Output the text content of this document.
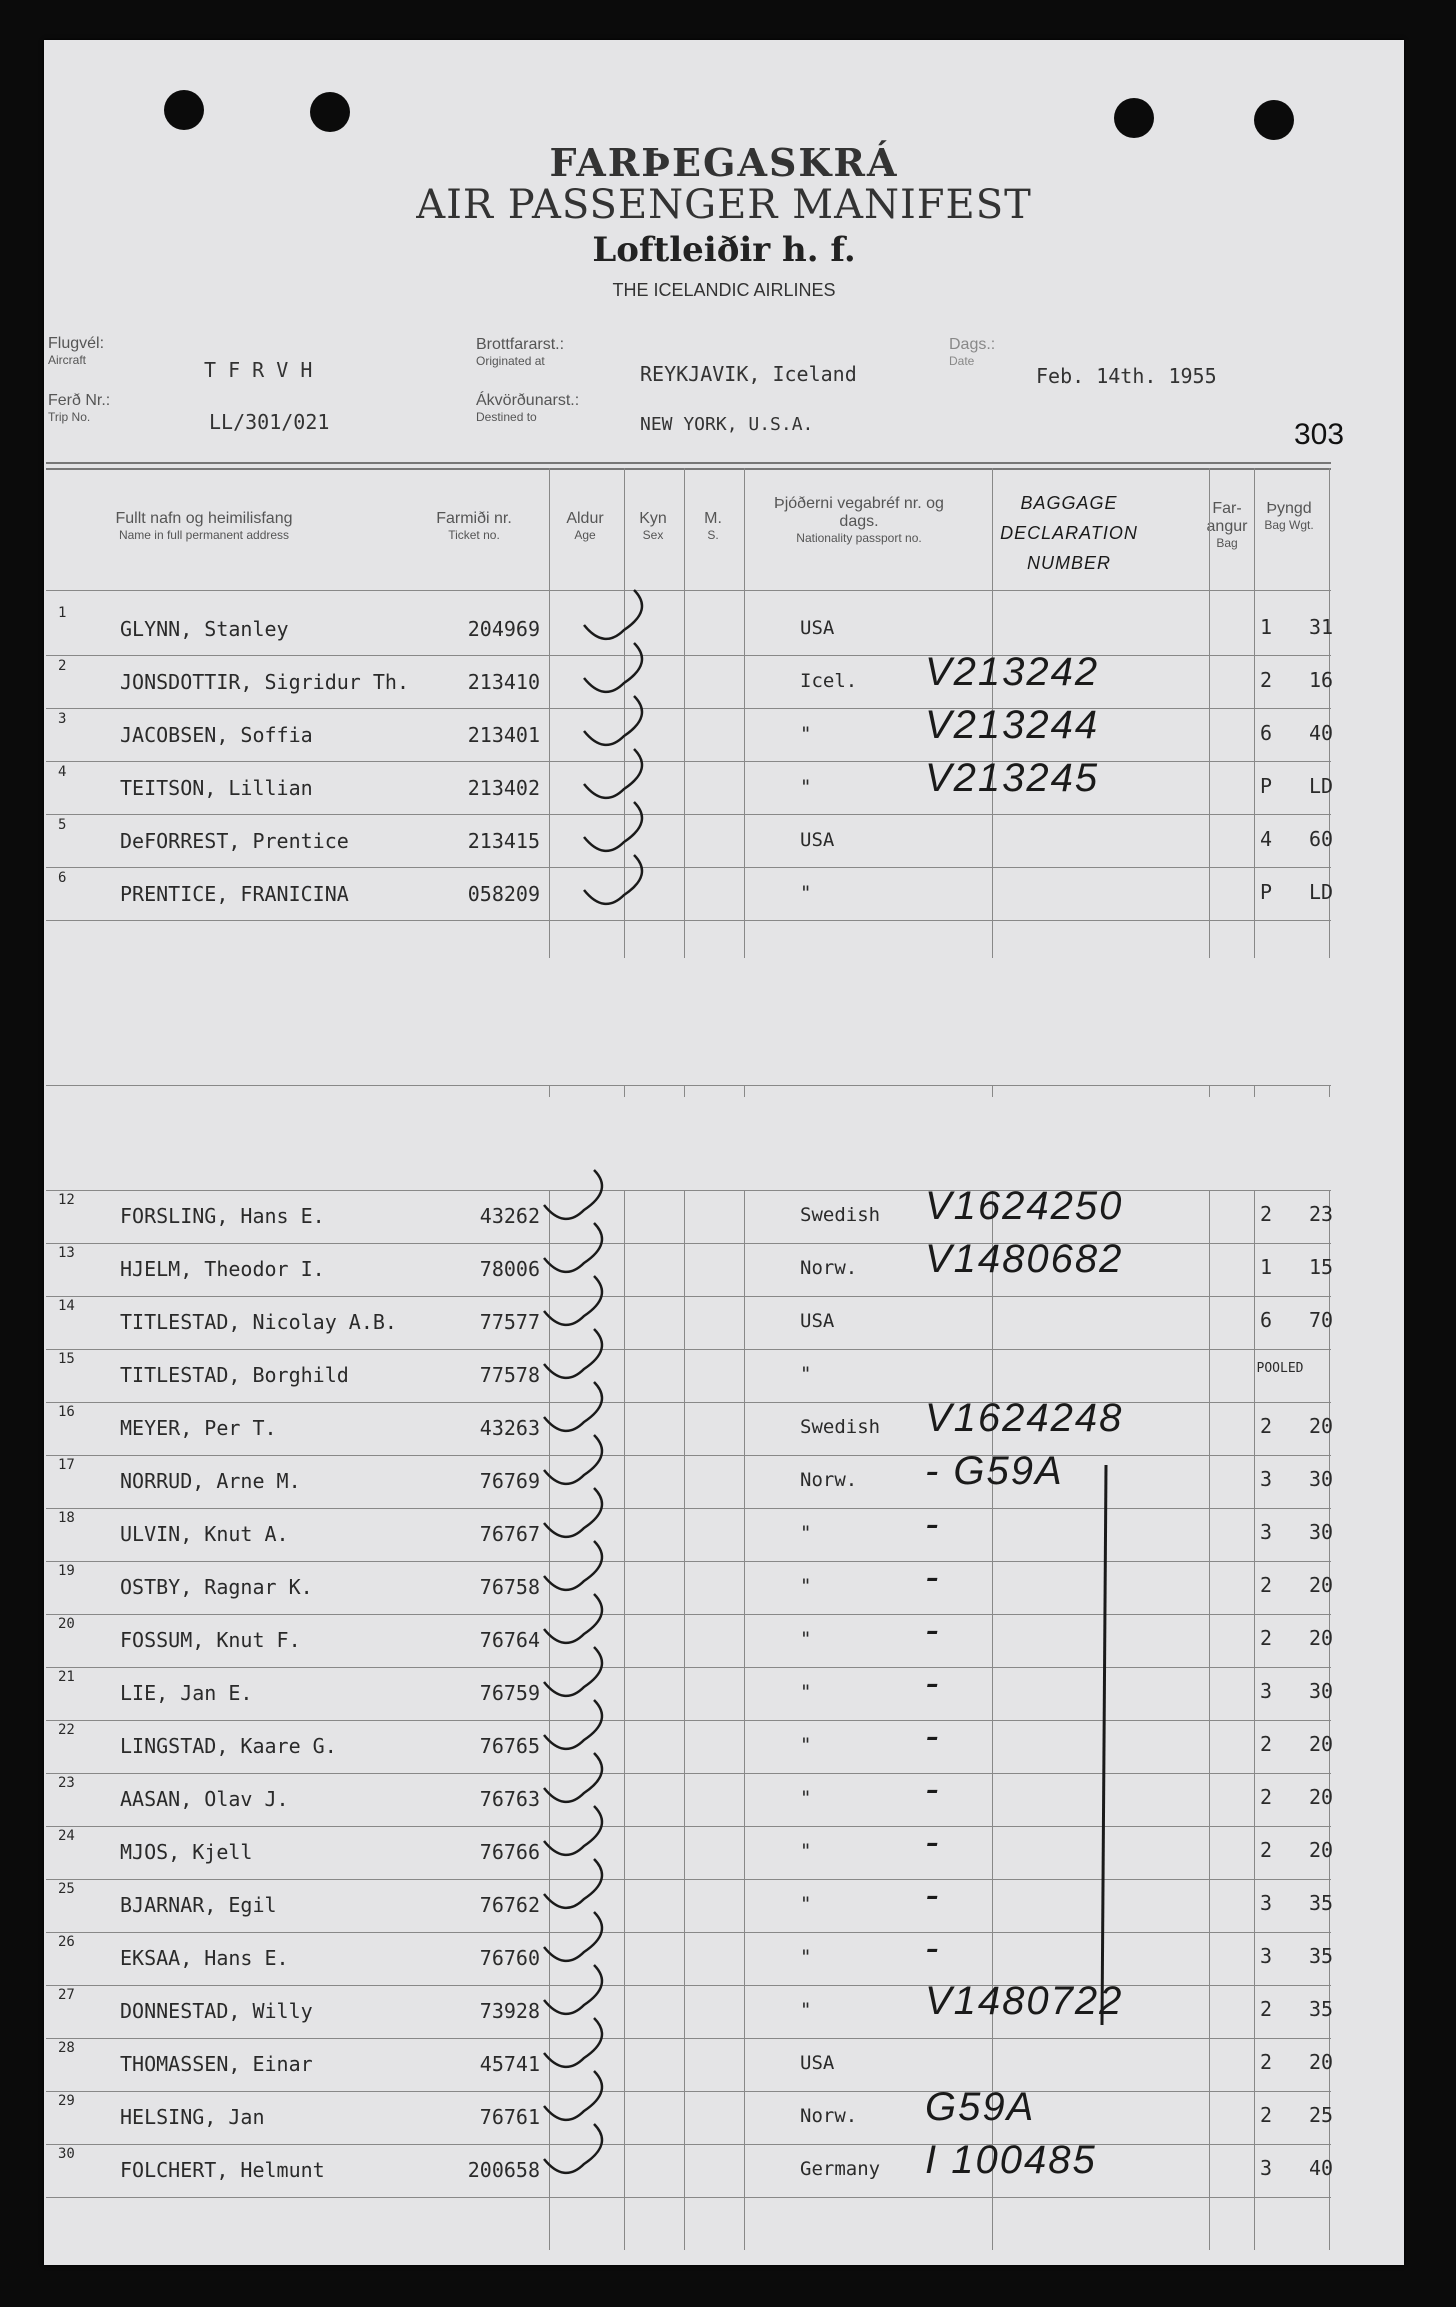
FARÞEGASKRÁ
AIR PASSENGER MANIFEST
Loftleiðir h. f.
THE ICELANDIC AIRLINES
Flugvél:
Aircraft	T F R V H
Ferð Nr.:
Trip No.	LL/301/021
Brottfararst.:
Originated at
REYKJAVIK, Iceland
Ákvörðunarst.:
Destined to	NEW YORK, U.S.A.
Dags.:
Date
Feb. 14th. 1955
303
Fullt nafn og heimilisfang
Name in full permanent address
Farmiði nr.
Ticket no.
Aldur
Age
Kyn
Sex
M.
S.
Þjóðerni vegabréf nr. og dags.
Nationality passport no.
BAGGAGE DECLARATION NUMBER
Far-angur
Bag
Þyngd
Bag Wgt.
1
GLYNN, Stanley	204969	USA	1	31
2
JONSDOTTIR, Sigridur Th.	213410	Icel. V213242	2	16
3
JACOBSEN, Soffia	213401	"	V213244	6	40
4
TEITSON, Lillian	213402	"	V213245	P	LD
5
DeFORREST, Prentice	213415	USA	4	60
6
PRENTICE, FRANICINA	058209	"	P	LD
12
FORSLING, Hans E.	43262	Swedish V1624250	2	23
13
HJELM, Theodor I.	78006	Norw. V1480682	1	15
14
TITLESTAD, Nicolay A.B.	77577	USA	6	70
15
TITLESTAD, Borghild	77578	"	POOLED
16
MEYER, Per T.	43263	Swedish V1624248	2	20
17
NORRUD, Arne M.	76769	Norw. - G59A	3	30
18
ULVIN, Knut A.	76767	"	-	3	30
19
OSTBY, Ragnar K.	76758	"	-	2	20
20
FOSSUM, Knut F.	76764	"	-	2	20
21
LIE, Jan E.	76759	"	-	3	30
22
LINGSTAD, Kaare G.	76765	"	-	2	20
23
AASAN, Olav J.	76763	"	-	2	20
24
MJOS, Kjell	76766	"	-	2	20
25
BJARNAR, Egil	76762	"	-	3	35
26
EKSAA, Hans E.	76760	"	-	3	35
27
DONNESTAD, Willy	73928	"	V1480722	2	35
28
THOMASSEN, Einar	45741	USA	2	20
29
HELSING, Jan	76761	Norw. G59A	2	25
30
FOLCHERT, Helmunt	200658	Germany I 100485	3	40
